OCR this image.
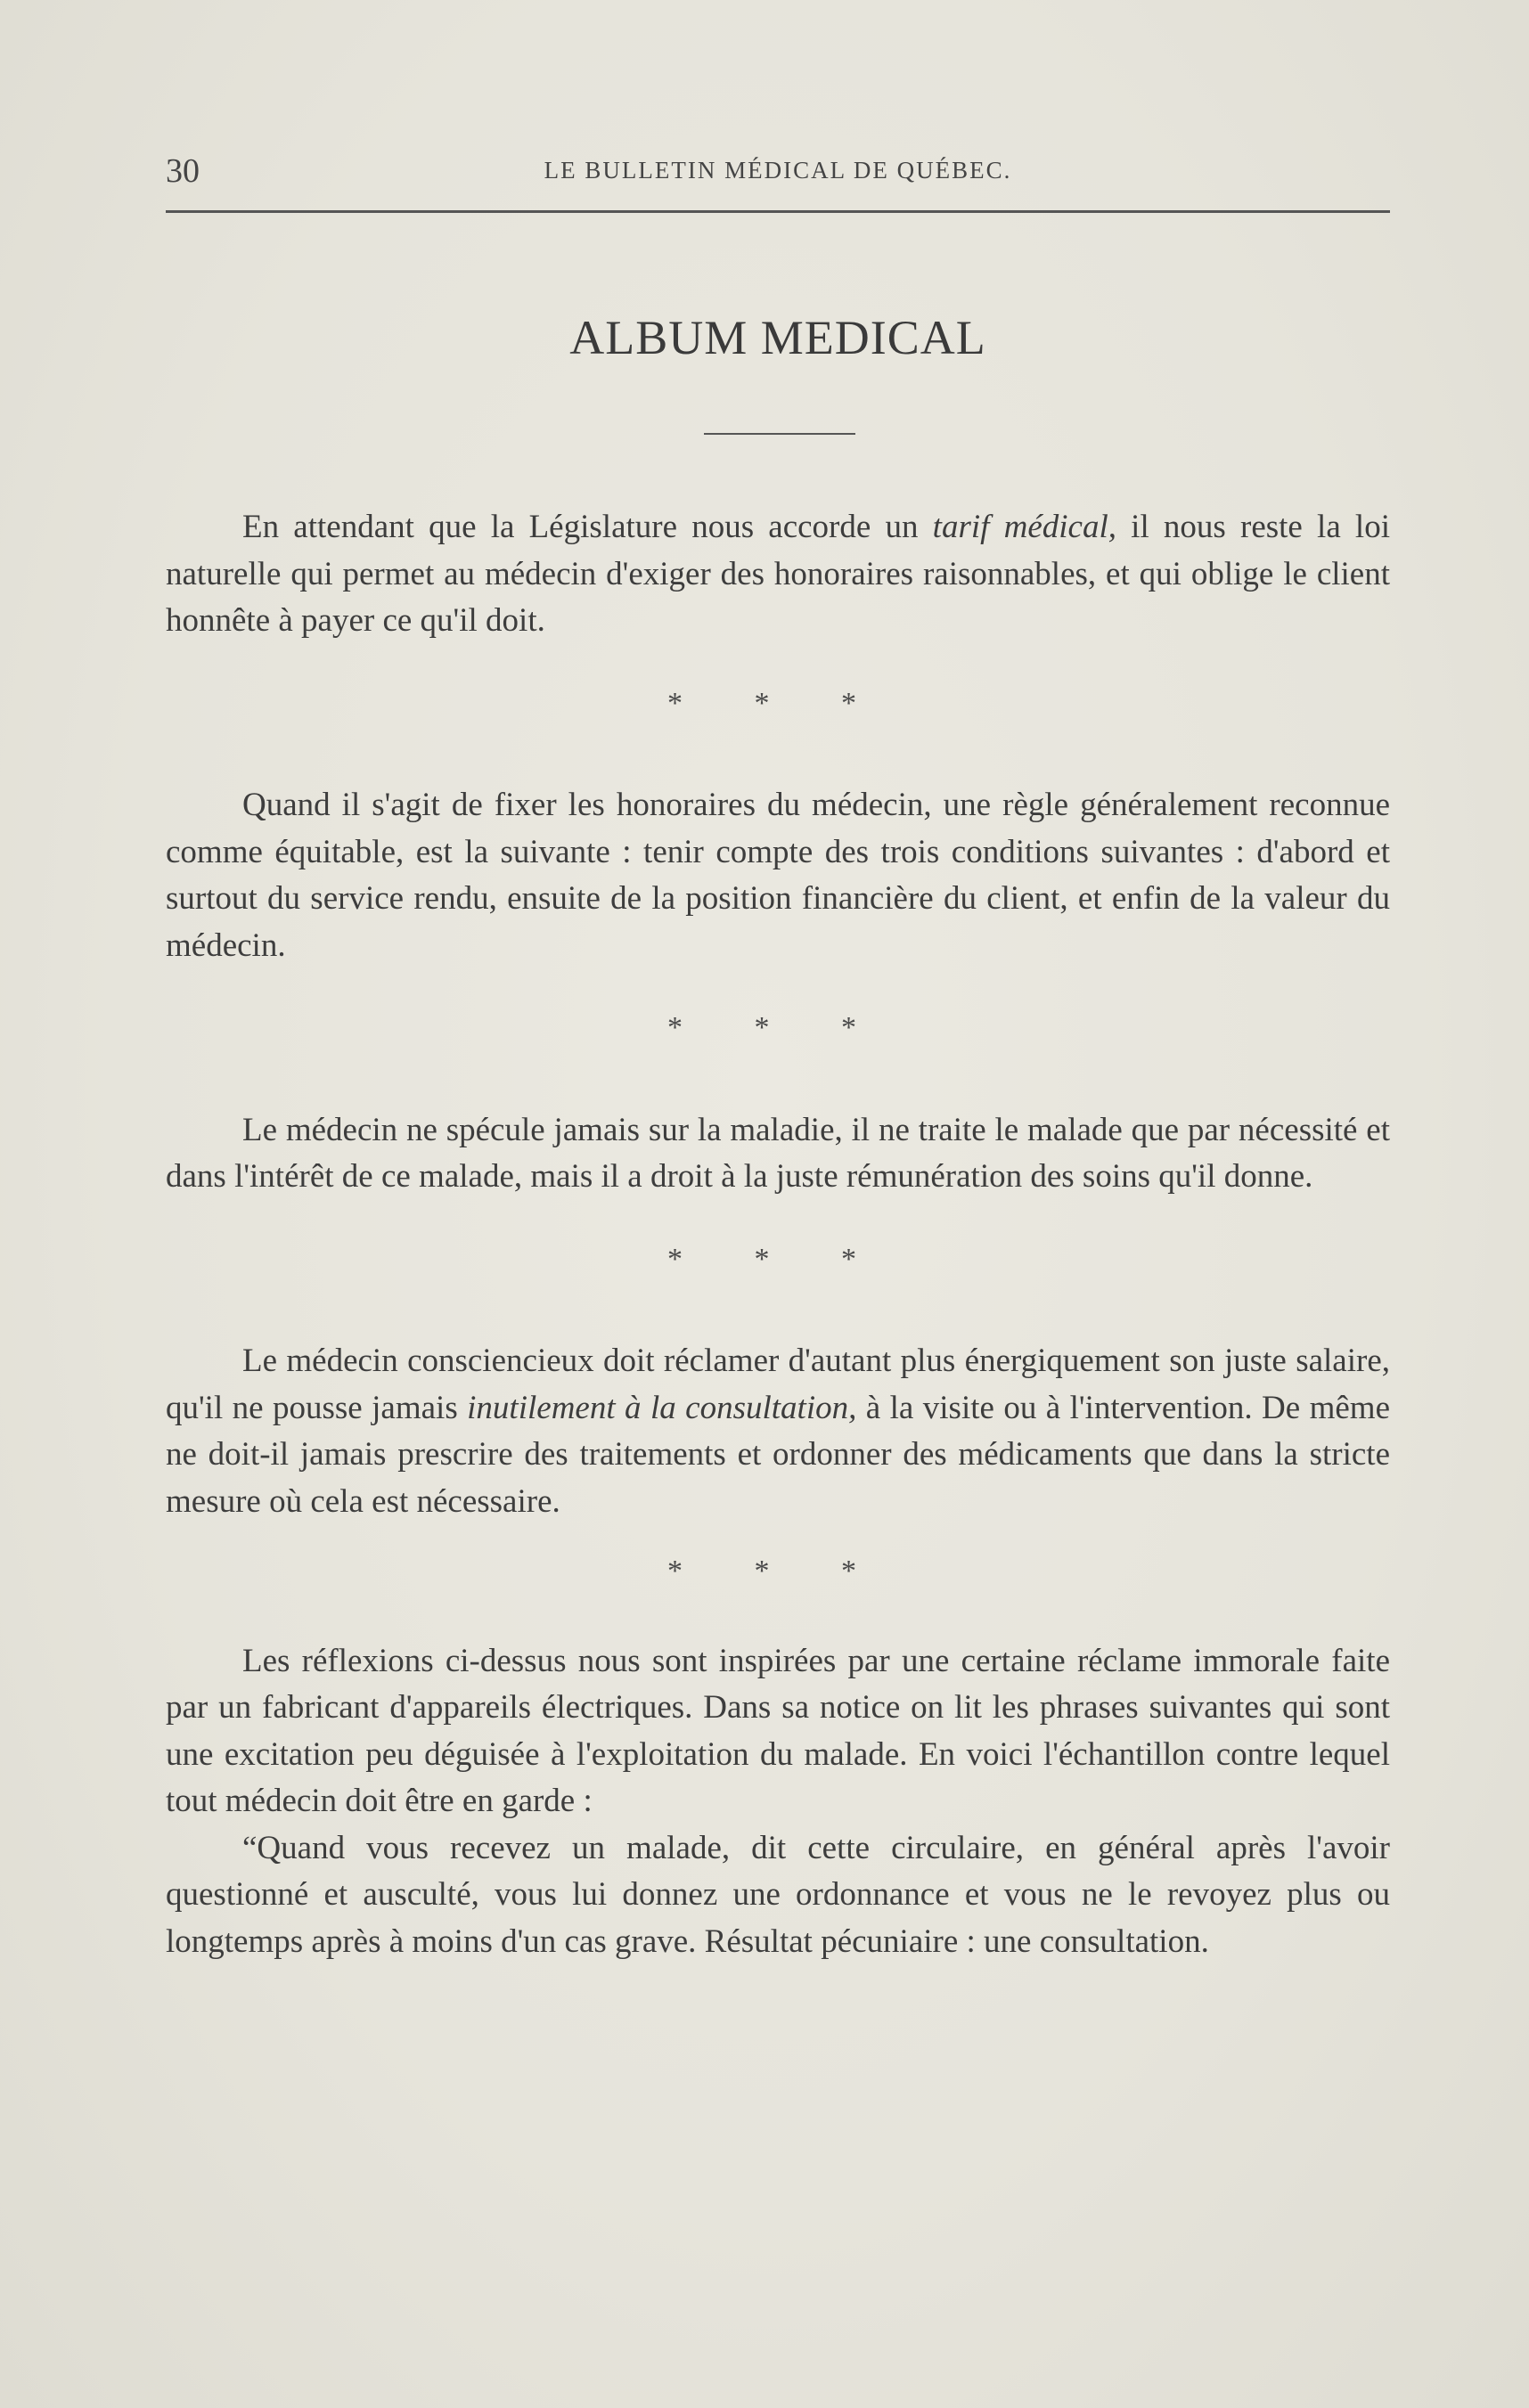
30	LE BULLETIN MÉDICAL DE QUÉBEC.
ALBUM MEDICAL

En attendant que la Législature nous accorde un tarif médical, il nous reste la loi naturelle qui permet au médecin d'exiger des honoraires raisonnables, et qui oblige le client honnête à payer ce qu'il doit.

* * *

Quand il s'agit de fixer les honoraires du médecin, une règle généralement reconnue comme équitable, est la suivante : tenir compte des trois conditions suivantes : d'abord et surtout du service rendu, ensuite de la position financière du client, et enfin de la valeur du médecin.

* * *

Le médecin ne spécule jamais sur la maladie, il ne traite le malade que par nécessité et dans l'intérêt de ce malade, mais il a droit à la juste rémunération des soins qu'il donne.

* * *

Le médecin consciencieux doit réclamer d'autant plus énergiquement son juste salaire, qu'il ne pousse jamais inutilement à la consultation, à la visite ou à l'intervention. De même ne doit-il jamais prescrire des traitements et ordonner des médicaments que dans la stricte mesure où cela est nécessaire.

* * *

Les réflexions ci-dessus nous sont inspirées par une certaine réclame immorale faite par un fabricant d'appareils électriques. Dans sa notice on lit les phrases suivantes qui sont une excitation peu déguisée à l'exploitation du malade. En voici l'échantillon contre lequel tout médecin doit être en garde :

“Quand vous recevez un malade, dit cette circulaire, en général après l'avoir questionné et ausculté, vous lui donnez une ordonnance et vous ne le revoyez plus ou longtemps après à moins d'un cas grave. Résultat pécuniaire : une consultation.
